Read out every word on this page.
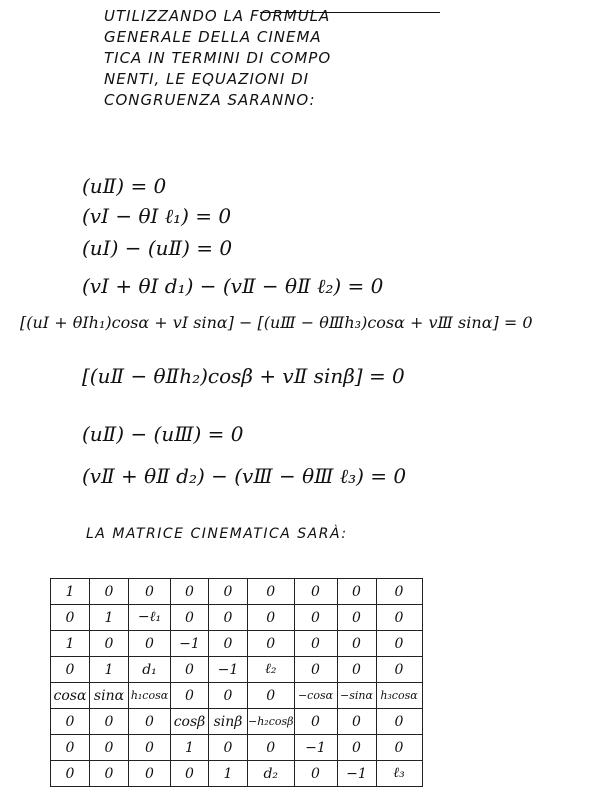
UTILIZZANDO LA FORMULA
GENERALE DELLA CINEMA
TICA IN TERMINI DI COMPO
NENTI, LE EQUAZIONI DI
CONGRUENZA SARANNO:
(uⅡ) = 0
(vⅠ − θⅠ ℓ₁) = 0
(uⅠ) − (uⅡ) = 0
(vⅠ + θⅠ d₁) − (vⅡ − θⅡ ℓ₂) = 0
[(uⅠ + θⅠh₁)cosα + vⅠ sinα] − [(uⅢ − θⅢh₃)cosα + vⅢ sinα] = 0
[(uⅡ − θⅡh₂)cosβ + vⅡ sinβ] = 0
(uⅡ) − (uⅢ) = 0
(vⅡ + θⅡ d₂) − (vⅢ − θⅢ ℓ₃) = 0
LA MATRICE CINEMATICA SARÀ:
1	0	0	0	0	0	0	0	0
0	1	−ℓ₁	0	0	0	0	0	0
1	0	0	−1	0	0	0	0	0
0	1	d₁	0	−1	ℓ₂	0	0	0
cosα	sinα	h₁cosα	0	0	0	−cosα	−sinα	h₃cosα
0	0	0	cosβ	sinβ	−h₂cosβ	0	0	0
0	0	0	1	0	0	−1	0	0
0	0	0	0	1	d₂	0	−1	ℓ₃
